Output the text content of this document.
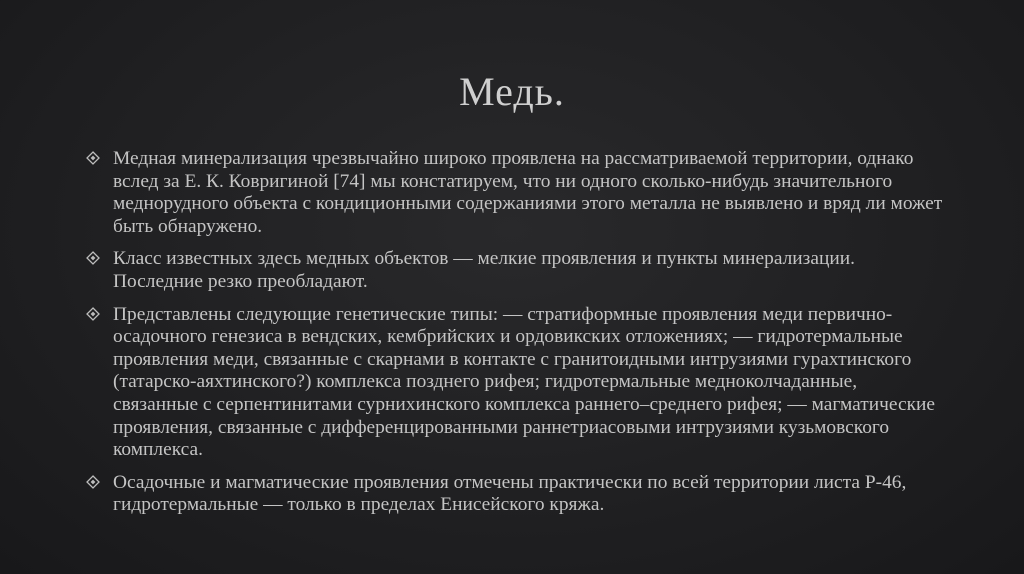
Медь.
Медная минерализация чрезвычайно широко проявлена на рассматриваемой территории, однако вслед за Е. К. Ковригиной [74] мы констатируем, что ни одного сколько-нибудь значительного меднорудного объекта с кондиционными содержаниями этого металла не выявлено и вряд ли может быть обнаружено.
Класс известных здесь медных объектов — мелкие проявления и пункты минерализации. Последние резко преобладают.
Представлены следующие генетические типы: — стратиформные проявления меди первично-осадочного генезиса в вендских, кембрийских и ордовикских отложениях; — гидротермальные проявления меди, связанные с скарнами в контакте с гранитоидными интрузиями гурахтинского (татарско-аяхтинского?) комплекса позднего рифея; гидротермальные медноколчаданные, связанные с серпентинитами сурнихинского комплекса раннего–среднего рифея; — магматические проявления, связанные с дифференцированными раннетриасовыми интрузиями кузьмовского комплекса.
Осадочные и магматические проявления отмечены практически по всей территории листа Р-46, гидротермальные — только в пределах Енисейского кряжа.
